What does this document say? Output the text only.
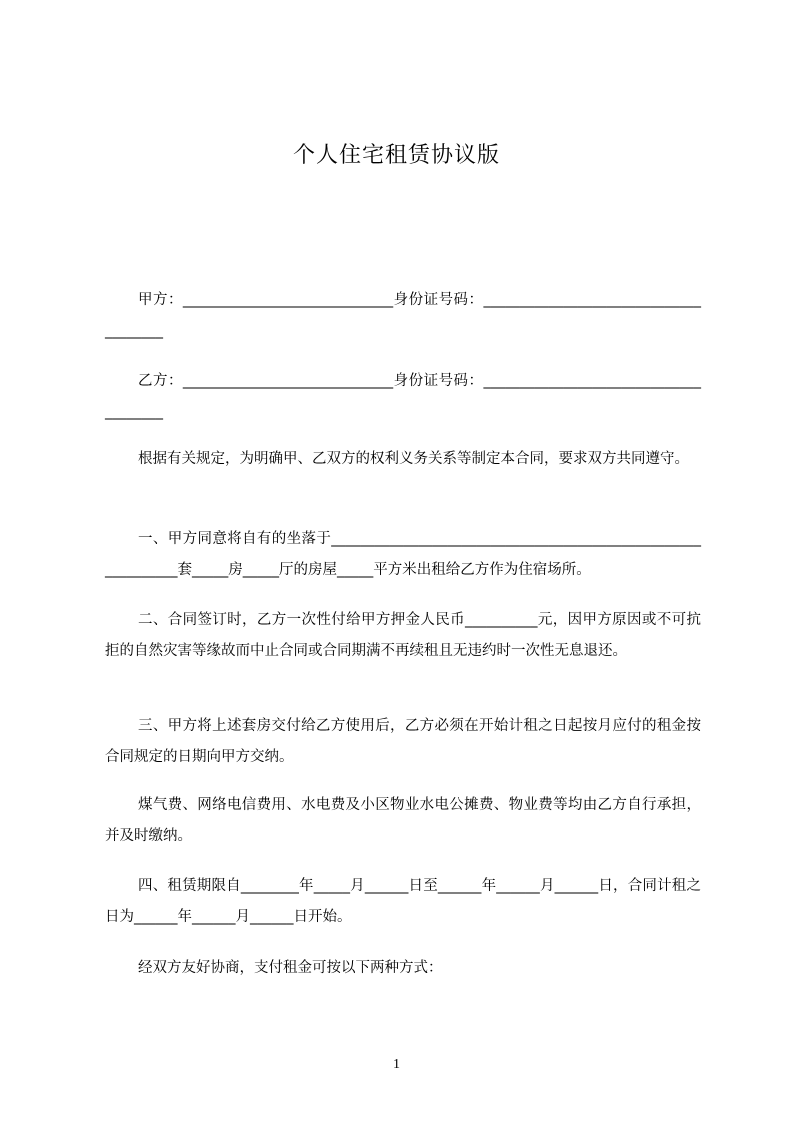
个人住宅租赁协议版
甲方：_____________________________身份证号码：______________________________________
乙方：_____________________________身份证号码：______________________________________
根据有关规定，为明确甲、乙双方的权利义务关系等制定本合同，要求双方共同遵守。
一、甲方同意将自有的坐落于_____________________________________________________________套_____房_____厅的房屋_____平方米出租给乙方作为住宿场所。
二、合同签订时，乙方一次性付给甲方押金人民币__________元，因甲方原因或不可抗拒的自然灾害等缘故而中止合同或合同期满不再续租且无违约时一次性无息退还。
三、甲方将上述套房交付给乙方使用后，乙方必须在开始计租之日起按月应付的租金按合同规定的日期向甲方交纳。
煤气费、网络电信费用、水电费及小区物业水电公摊费、物业费等均由乙方自行承担，并及时缴纳。
四、租赁期限自________年_____月______日至______年______月______日，合同计租之日为______年______月______日开始。
经双方友好协商，支付租金可按以下两种方式：
1
